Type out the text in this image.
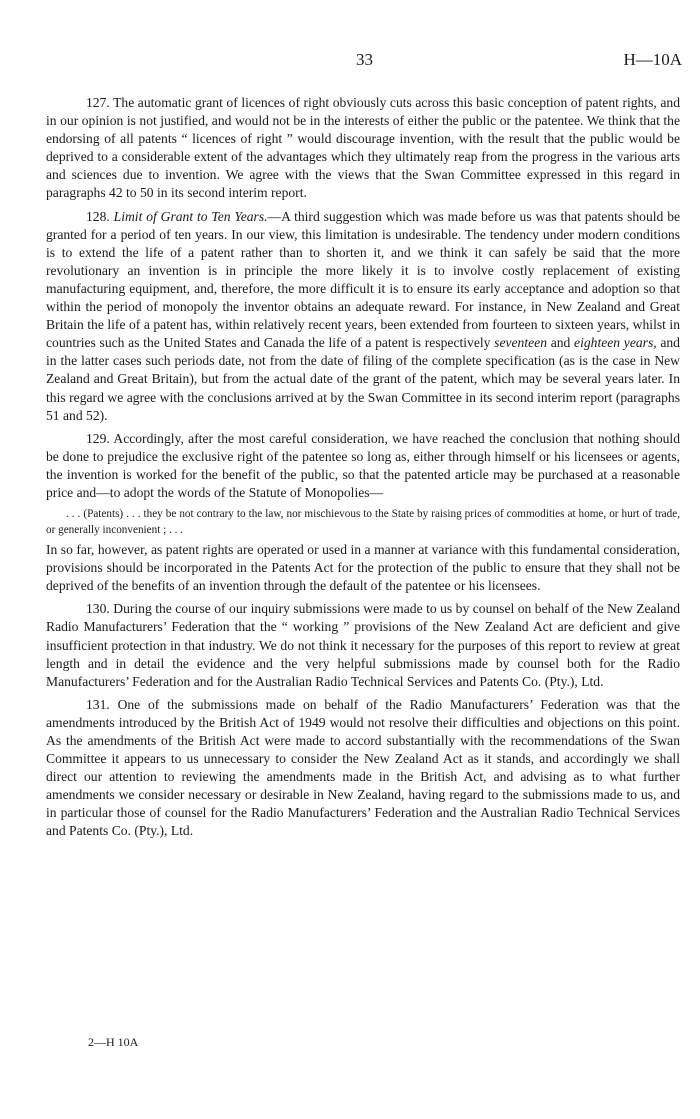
33	H—10A

127. The automatic grant of licences of right obviously cuts across this basic conception of patent rights, and in our opinion is not justified, and would not be in the interests of either the public or the patentee. We think that the endorsing of all patents “ licences of right ” would discourage invention, with the result that the public would be deprived to a considerable extent of the advantages which they ultimately reap from the progress in the various arts and sciences due to invention. We agree with the views that the Swan Committee expressed in this regard in paragraphs 42 to 50 in its second interim report.

128. Limit of Grant to Ten Years.—A third suggestion which was made before us was that patents should be granted for a period of ten years. In our view, this limitation is undesirable. The tendency under modern conditions is to extend the life of a patent rather than to shorten it, and we think it can safely be said that the more revolutionary an invention is in principle the more likely it is to involve costly replacement of existing manufacturing equipment, and, therefore, the more difficult it is to ensure its early acceptance and adoption so that within the period of monopoly the inventor obtains an adequate reward. For instance, in New Zealand and Great Britain the life of a patent has, within relatively recent years, been extended from fourteen to sixteen years, whilst in countries such as the United States and Canada the life of a patent is respectively seventeen and eighteen years, and in the latter cases such periods date, not from the date of filing of the complete specification (as is the case in New Zealand and Great Britain), but from the actual date of the grant of the patent, which may be several years later. In this regard we agree with the conclusions arrived at by the Swan Committee in its second interim report (paragraphs 51 and 52).

129. Accordingly, after the most careful consideration, we have reached the conclusion that nothing should be done to prejudice the exclusive right of the patentee so long as, either through himself or his licensees or agents, the invention is worked for the benefit of the public, so that the patented article may be purchased at a reasonable price and—to adopt the words of the Statute of Monopolies—

. . . (Patents) . . . they be not contrary to the law, nor mischievous to the State by raising prices of commodities at home, or hurt of trade, or generally inconvenient ; . . .

In so far, however, as patent rights are operated or used in a manner at variance with this fundamental consideration, provisions should be incorporated in the Patents Act for the protection of the public to ensure that they shall not be deprived of the benefits of an invention through the default of the patentee or his licensees.

130. During the course of our inquiry submissions were made to us by counsel on behalf of the New Zealand Radio Manufacturers’ Federation that the “ working ” provisions of the New Zealand Act are deficient and give insufficient protection in that industry. We do not think it necessary for the purposes of this report to review at great length and in detail the evidence and the very helpful submissions made by counsel both for the Radio Manufacturers’ Federation and for the Australian Radio Technical Services and Patents Co. (Pty.), Ltd.

131. One of the submissions made on behalf of the Radio Manufacturers’ Federation was that the amendments introduced by the British Act of 1949 would not resolve their difficulties and objections on this point. As the amendments of the British Act were made to accord substantially with the recommendations of the Swan Committee it appears to us unnecessary to consider the New Zealand Act as it stands, and accordingly we shall direct our attention to reviewing the amendments made in the British Act, and advising as to what further amendments we consider necessary or desirable in New Zealand, having regard to the submissions made to us, and in particular those of counsel for the Radio Manufacturers’ Federation and the Australian Radio Technical Services and Patents Co. (Pty.), Ltd.

2—H 10A
